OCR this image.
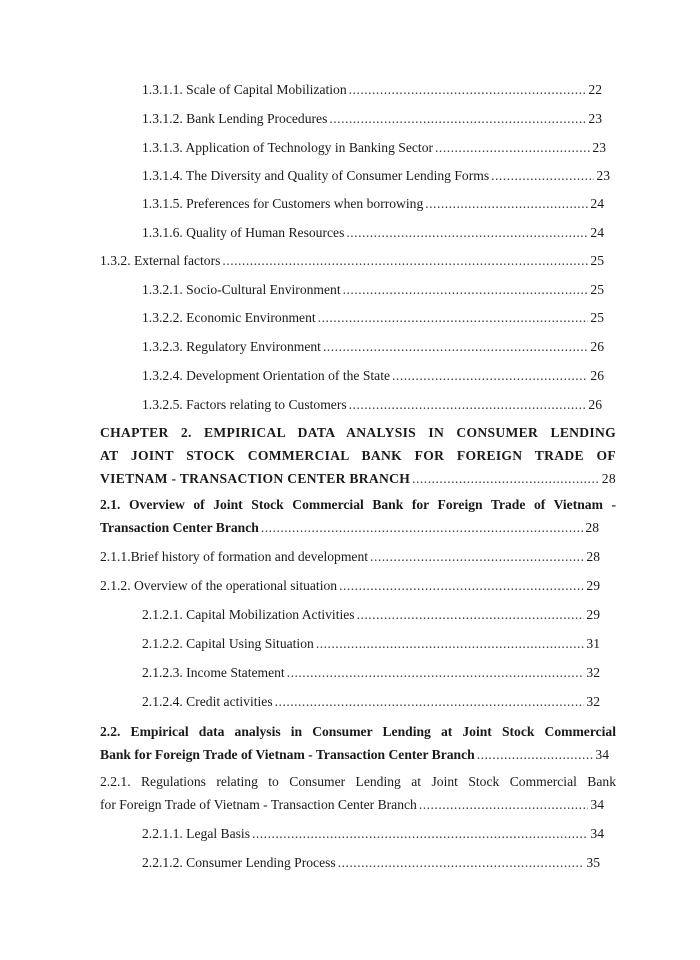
1.3.1.1. Scale of Capital Mobilization .....	22
1.3.1.2. Bank Lending Procedures .....	23
1.3.1.3. Application of Technology in Banking Sector .....	23
1.3.1.4. The Diversity and Quality of Consumer Lending Forms .....	23
1.3.1.5. Preferences for Customers when borrowing .....	24
1.3.1.6. Quality of Human Resources .....	24
1.3.2. External factors .....	25
1.3.2.1. Socio-Cultural Environment .....	25
1.3.2.2. Economic Environment .....	25
1.3.2.3. Regulatory Environment .....	26
1.3.2.4. Development Orientation of the State .....	26
1.3.2.5. Factors relating to Customers .....	26
CHAPTER 2. EMPIRICAL DATA ANALYSIS IN CONSUMER LENDING
AT JOINT STOCK COMMERCIAL BANK FOR FOREIGN TRADE OF
VIETNAM - TRANSACTION CENTER BRANCH .....	28
2.1. Overview of Joint Stock Commercial Bank for Foreign Trade of Vietnam -
Transaction Center Branch .....	28
2.1.1.Brief history of formation and development .....	28
2.1.2. Overview of the operational situation .....	29
2.1.2.1. Capital Mobilization Activities .....	29
2.1.2.2. Capital Using Situation .....	31
2.1.2.3. Income Statement .....	32
2.1.2.4. Credit activities .....	32
2.2. Empirical data analysis in Consumer Lending at Joint Stock Commercial
Bank for Foreign Trade of Vietnam - Transaction Center Branch .....	34
2.2.1. Regulations relating to Consumer Lending at Joint Stock Commercial Bank
for Foreign Trade of Vietnam - Transaction Center Branch .....	34
2.2.1.1. Legal Basis .....	34
2.2.1.2. Consumer Lending Process .....	35
